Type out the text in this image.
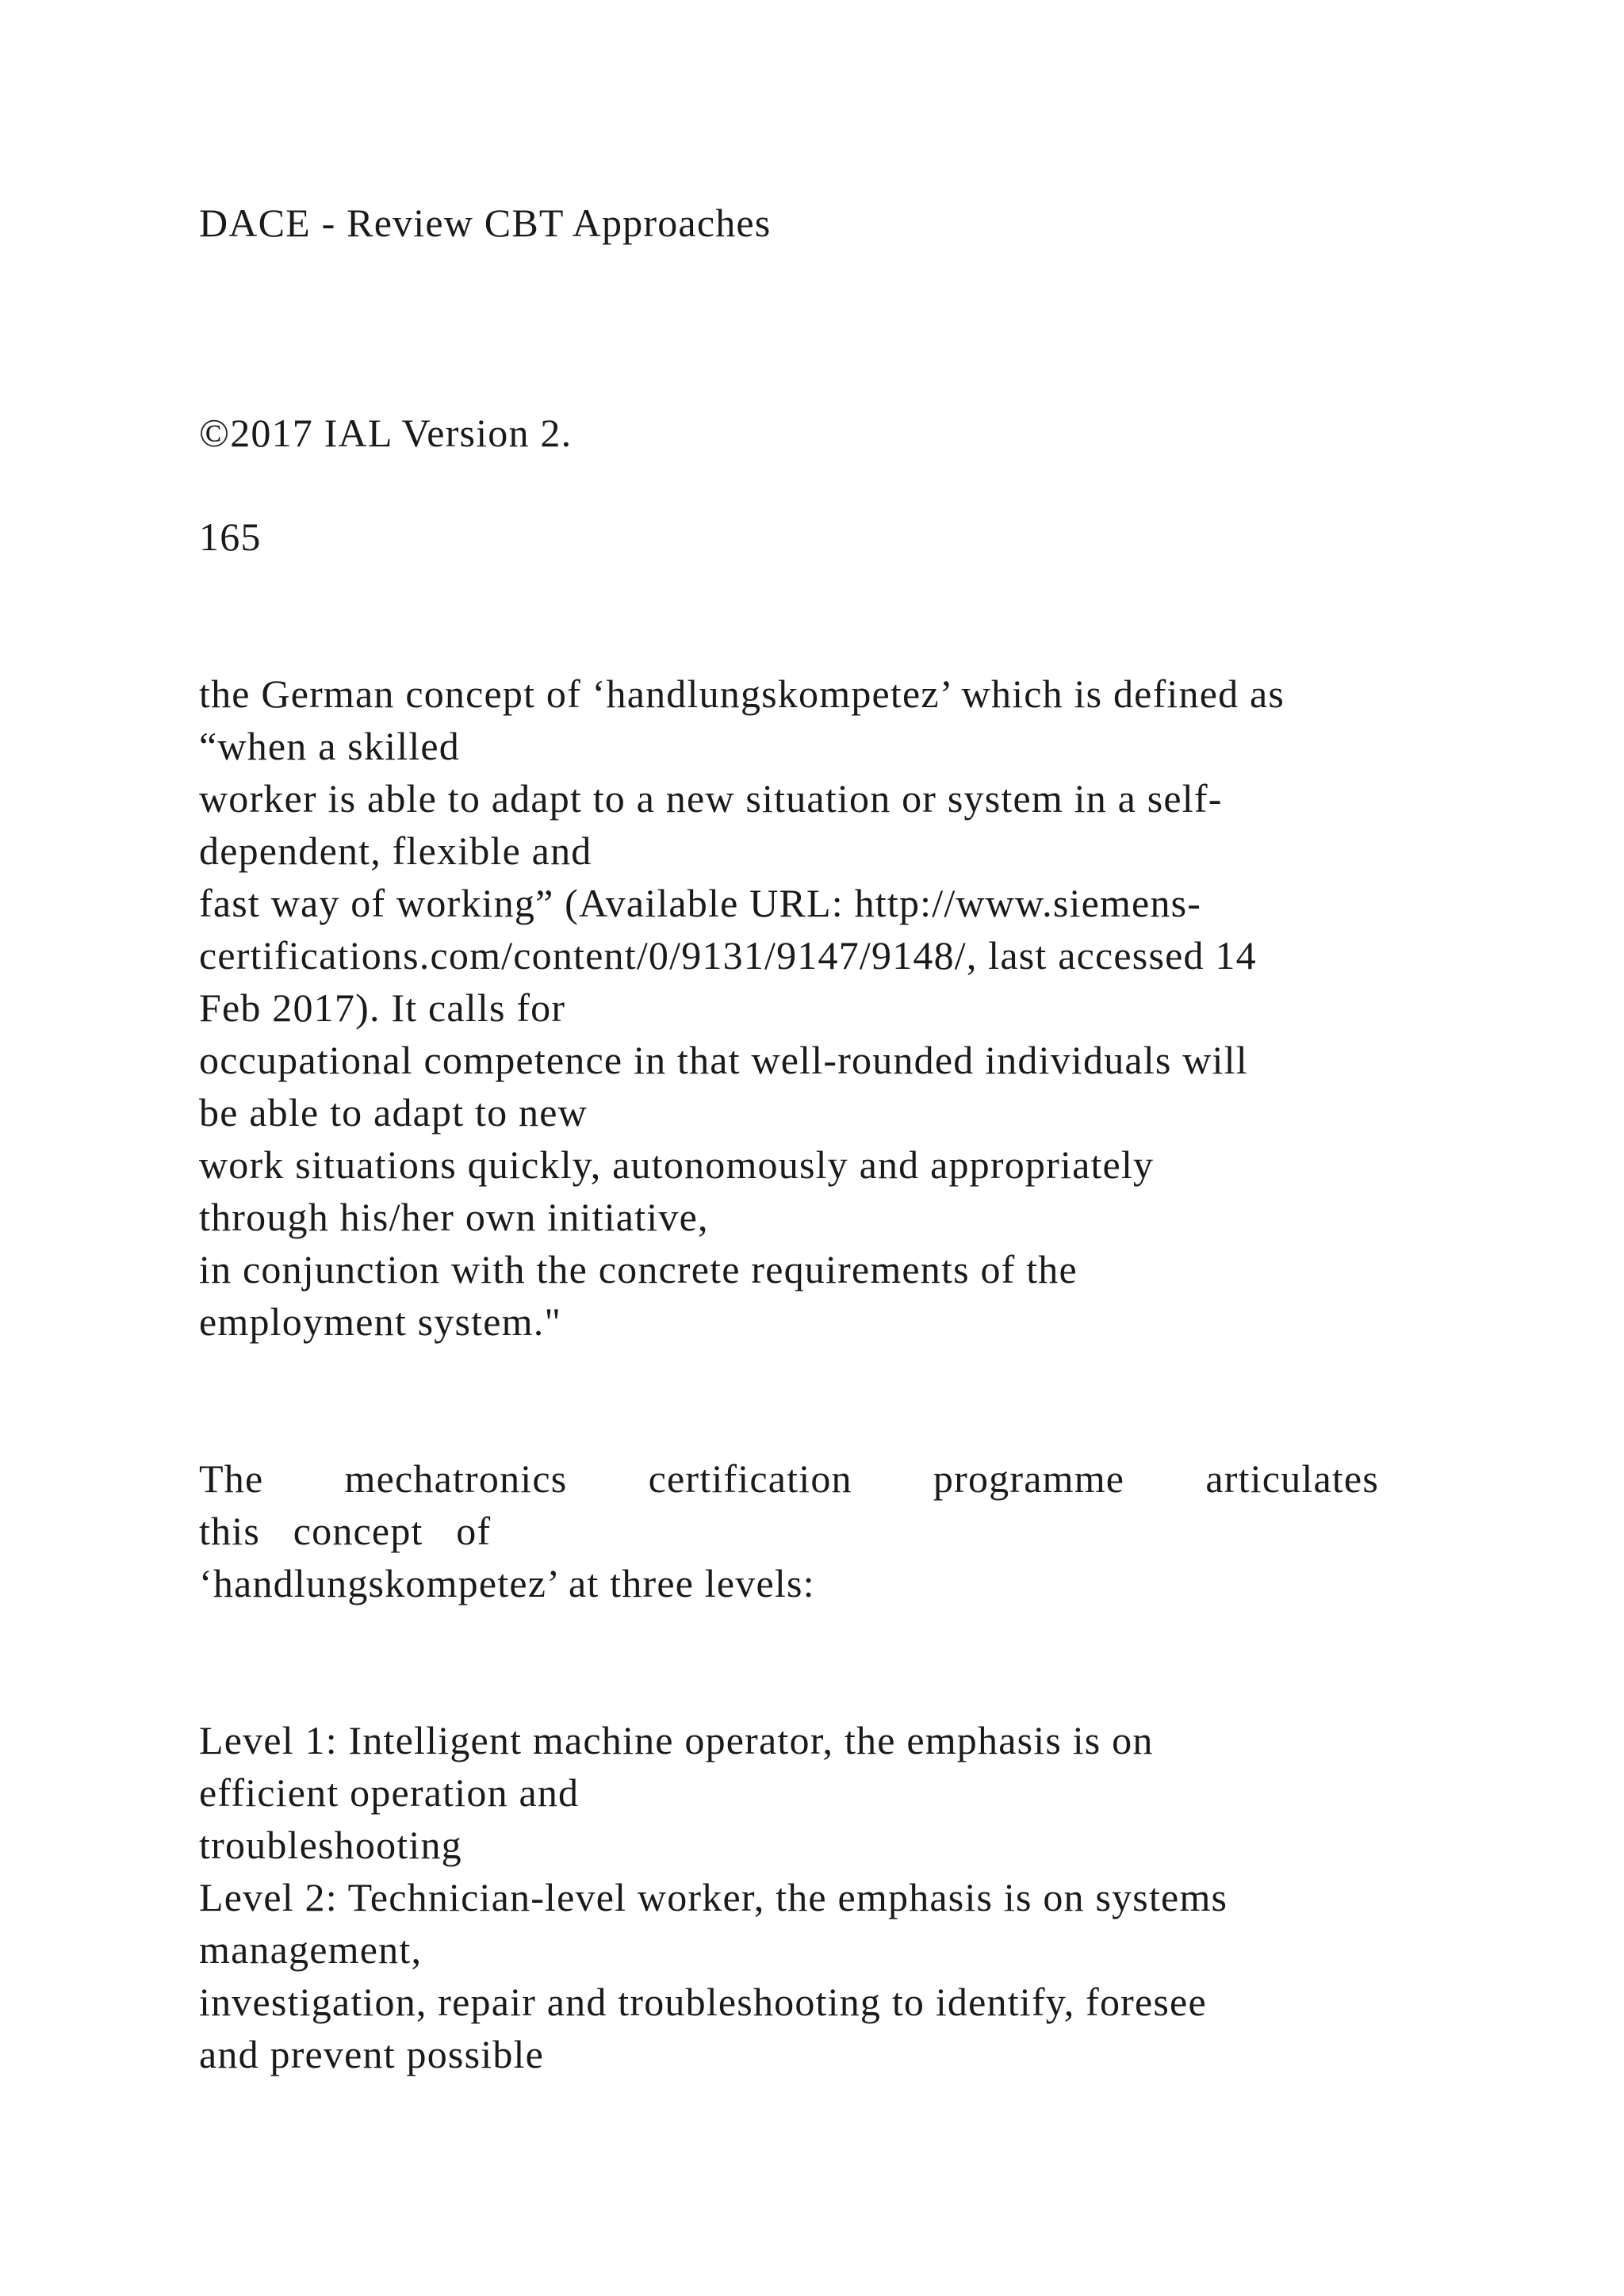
DACE - Review CBT Approaches
©2017 IAL Version 2.
165
the German concept of ‘handlungskompetez’ which is defined as
“when a skilled
worker is able to adapt to a new situation or system in a self-
dependent, flexible and
fast way of working” (Available URL: http://www.siemens-
certifications.com/content/0/9131/9147/9148/, last accessed 14
Feb 2017). It calls for
occupational competence in that well-rounded individuals will
be able to adapt to new
work situations quickly, autonomously and appropriately
through his/her own initiative,
in conjunction with the concrete requirements of the
employment system."
The mechatronics certification programme articulates
this concept of
‘handlungskompetez’ at three levels:
Level 1: Intelligent machine operator, the emphasis is on
efficient operation and
troubleshooting
Level 2: Technician-level worker, the emphasis is on systems
management,
investigation, repair and troubleshooting to identify, foresee
and prevent possible
